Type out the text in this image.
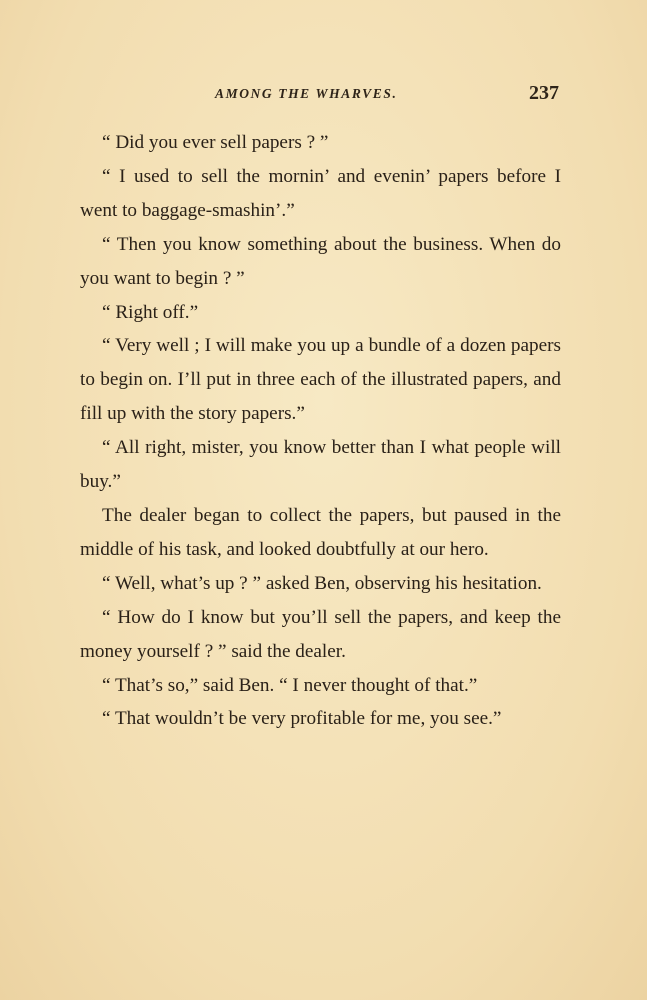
AMONG THE WHARVES.	237

“ Did you ever sell papers ? ”

“ I used to sell the mornin’ and evenin’ papers before I went to baggage-smashin’.”

“ Then you know something about the business. When do you want to begin ? ”

“ Right off.”

“ Very well ; I will make you up a bundle of a dozen papers to begin on. I’ll put in three each of the illustrated papers, and fill up with the story papers.”

“ All right, mister, you know better than I what people will buy.”

The dealer began to collect the papers, but paused in the middle of his task, and looked doubtfully at our hero.

“ Well, what’s up ? ” asked Ben, observing his hesitation.

“ How do I know but you’ll sell the papers, and keep the money yourself ? ” said the dealer.

“ That’s so,” said Ben. “ I never thought of that.”

“ That wouldn’t be very profitable for me, you see.”
